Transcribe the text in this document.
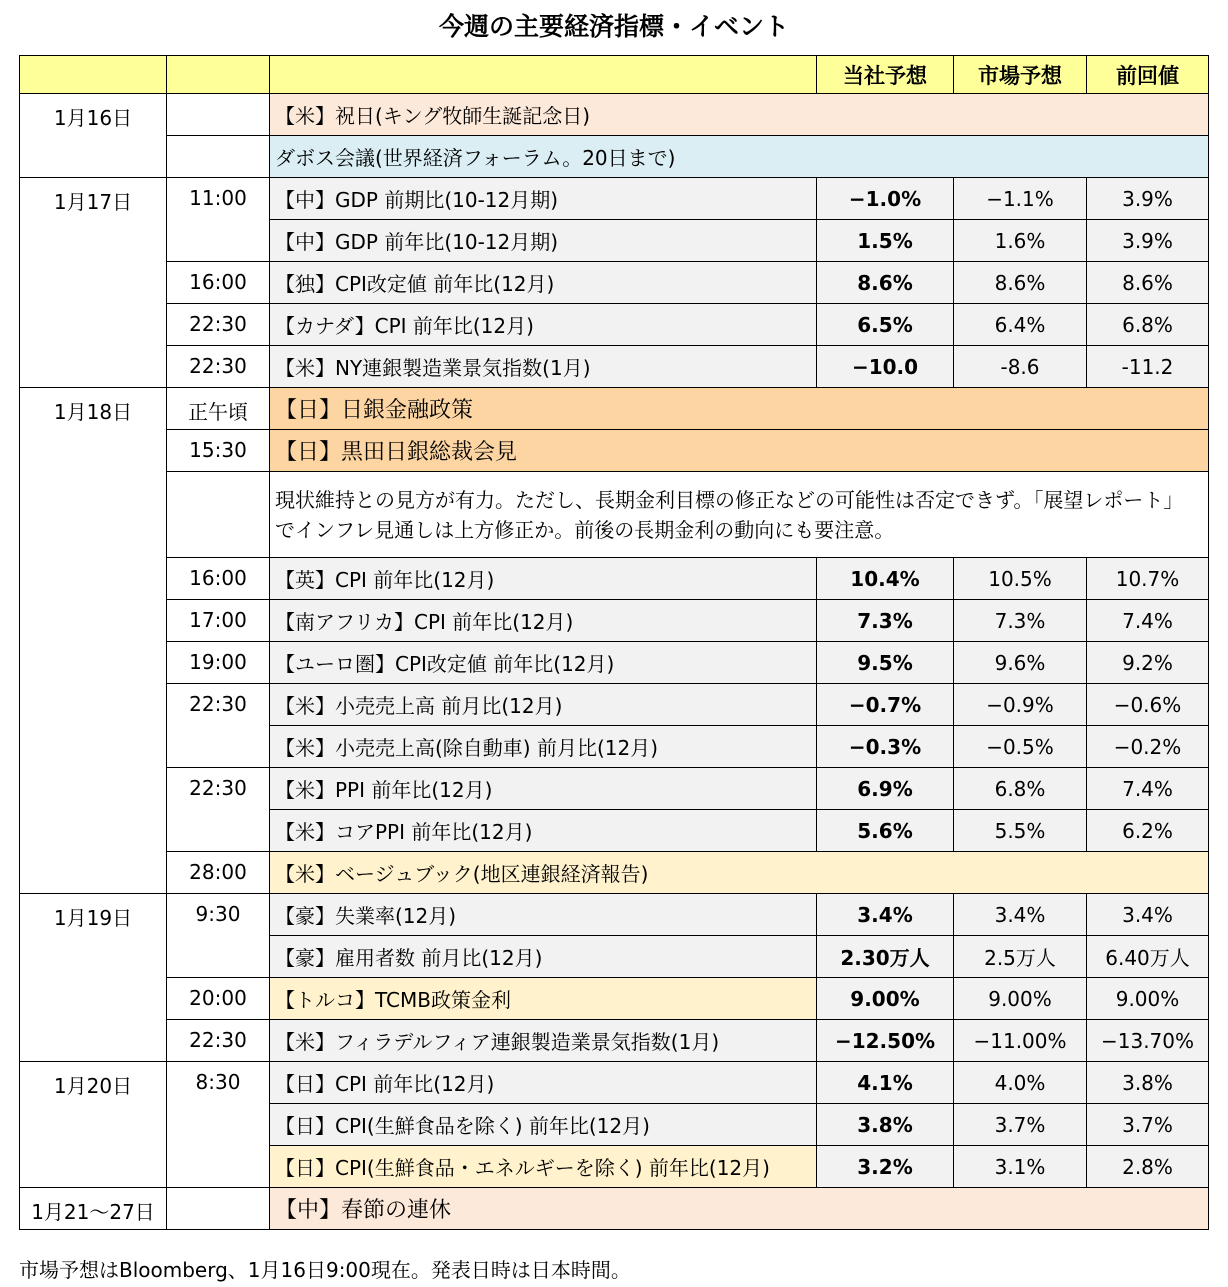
今週の主要経済指標・イベント
			当社予想	市場予想	前回値
1月16日		【米】祝日(キング牧師生誕記念日)			
		ダボス会議(世界経済フォーラム。20日まで)			
1月17日	11:00	【中】GDP 前期比(10-12月期)	−1.0%	−1.1%	3.9%
		【中】GDP 前年比(10-12月期)	1.5%	1.6%	3.9%
	16:00	【独】CPI改定値 前年比(12月)	8.6%	8.6%	8.6%
	22:30	【カナダ】CPI 前年比(12月)	6.5%	6.4%	6.8%
	22:30	【米】NY連銀製造業景気指数(1月)	−10.0	-8.6	-11.2
1月18日	正午頃	【日】日銀金融政策			
	15:30	【日】黒田日銀総裁会見			
		現状維持との見方が有力。ただし、長期金利目標の修正などの可能性は否定できず。「展望レポート」でインフレ見通しは上方修正か。前後の長期金利の動向にも要注意。			
	16:00	【英】CPI 前年比(12月)	10.4%	10.5%	10.7%
	17:00	【南アフリカ】CPI 前年比(12月)	7.3%	7.3%	7.4%
	19:00	【ユーロ圏】CPI改定値 前年比(12月)	9.5%	9.6%	9.2%
	22:30	【米】小売売上高 前月比(12月)	−0.7%	−0.9%	−0.6%
		【米】小売売上高(除自動車) 前月比(12月)	−0.3%	−0.5%	−0.2%
	22:30	【米】PPI 前年比(12月)	6.9%	6.8%	7.4%
		【米】コアPPI 前年比(12月)	5.6%	5.5%	6.2%
	28:00	【米】ベージュブック(地区連銀経済報告)			
1月19日	9:30	【豪】失業率(12月)	3.4%	3.4%	3.4%
		【豪】雇用者数 前月比(12月)	2.30万人	2.5万人	6.40万人
	20:00	【トルコ】TCMB政策金利	9.00%	9.00%	9.00%
	22:30	【米】フィラデルフィア連銀製造業景気指数(1月)	−12.50%	−11.00%	−13.70%
1月20日	8:30	【日】CPI 前年比(12月)	4.1%	4.0%	3.8%
		【日】CPI(生鮮食品を除く) 前年比(12月)	3.8%	3.7%	3.7%
		【日】CPI(生鮮食品・エネルギーを除く) 前年比(12月)	3.2%	3.1%	2.8%
1月21～27日		【中】春節の連休			
市場予想はBloomberg、1月16日9:00現在。発表日時は日本時間。
